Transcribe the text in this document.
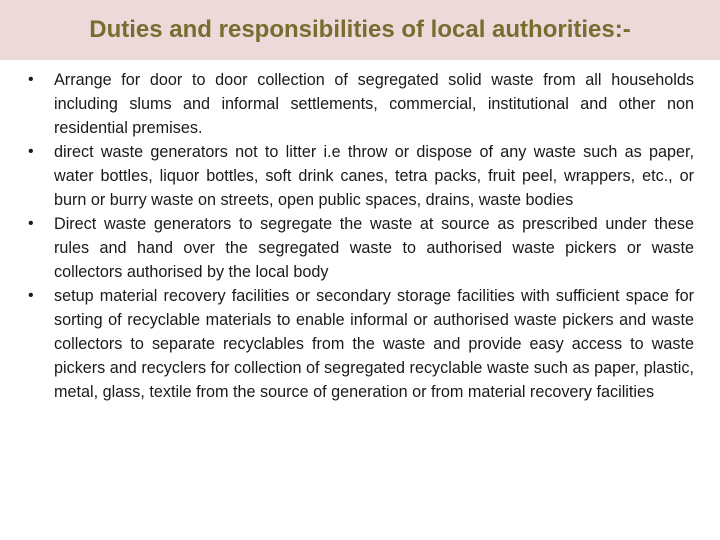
Duties and responsibilities of local authorities:-
•	Arrange for door to door collection of segregated solid waste from all households including slums and informal settlements, commercial, institutional and other non residential premises.
•	direct waste generators not to litter i.e throw or dispose of any waste such as paper, water bottles, liquor bottles, soft drink canes, tetra packs, fruit peel, wrappers, etc., or burn or burry waste on streets, open public spaces, drains, waste bodies
•	Direct waste generators to segregate the waste at source as prescribed under these rules and hand over the segregated waste to authorised waste pickers or waste collectors authorised by the local body
•	setup material recovery facilities or secondary storage facilities with sufficient space for sorting of recyclable materials to enable informal or authorised waste pickers and waste collectors to separate recyclables from the waste and provide easy access to waste pickers and recyclers for collection of segregated recyclable waste such as paper, plastic, metal, glass, textile from the source of generation or from material recovery facilities
